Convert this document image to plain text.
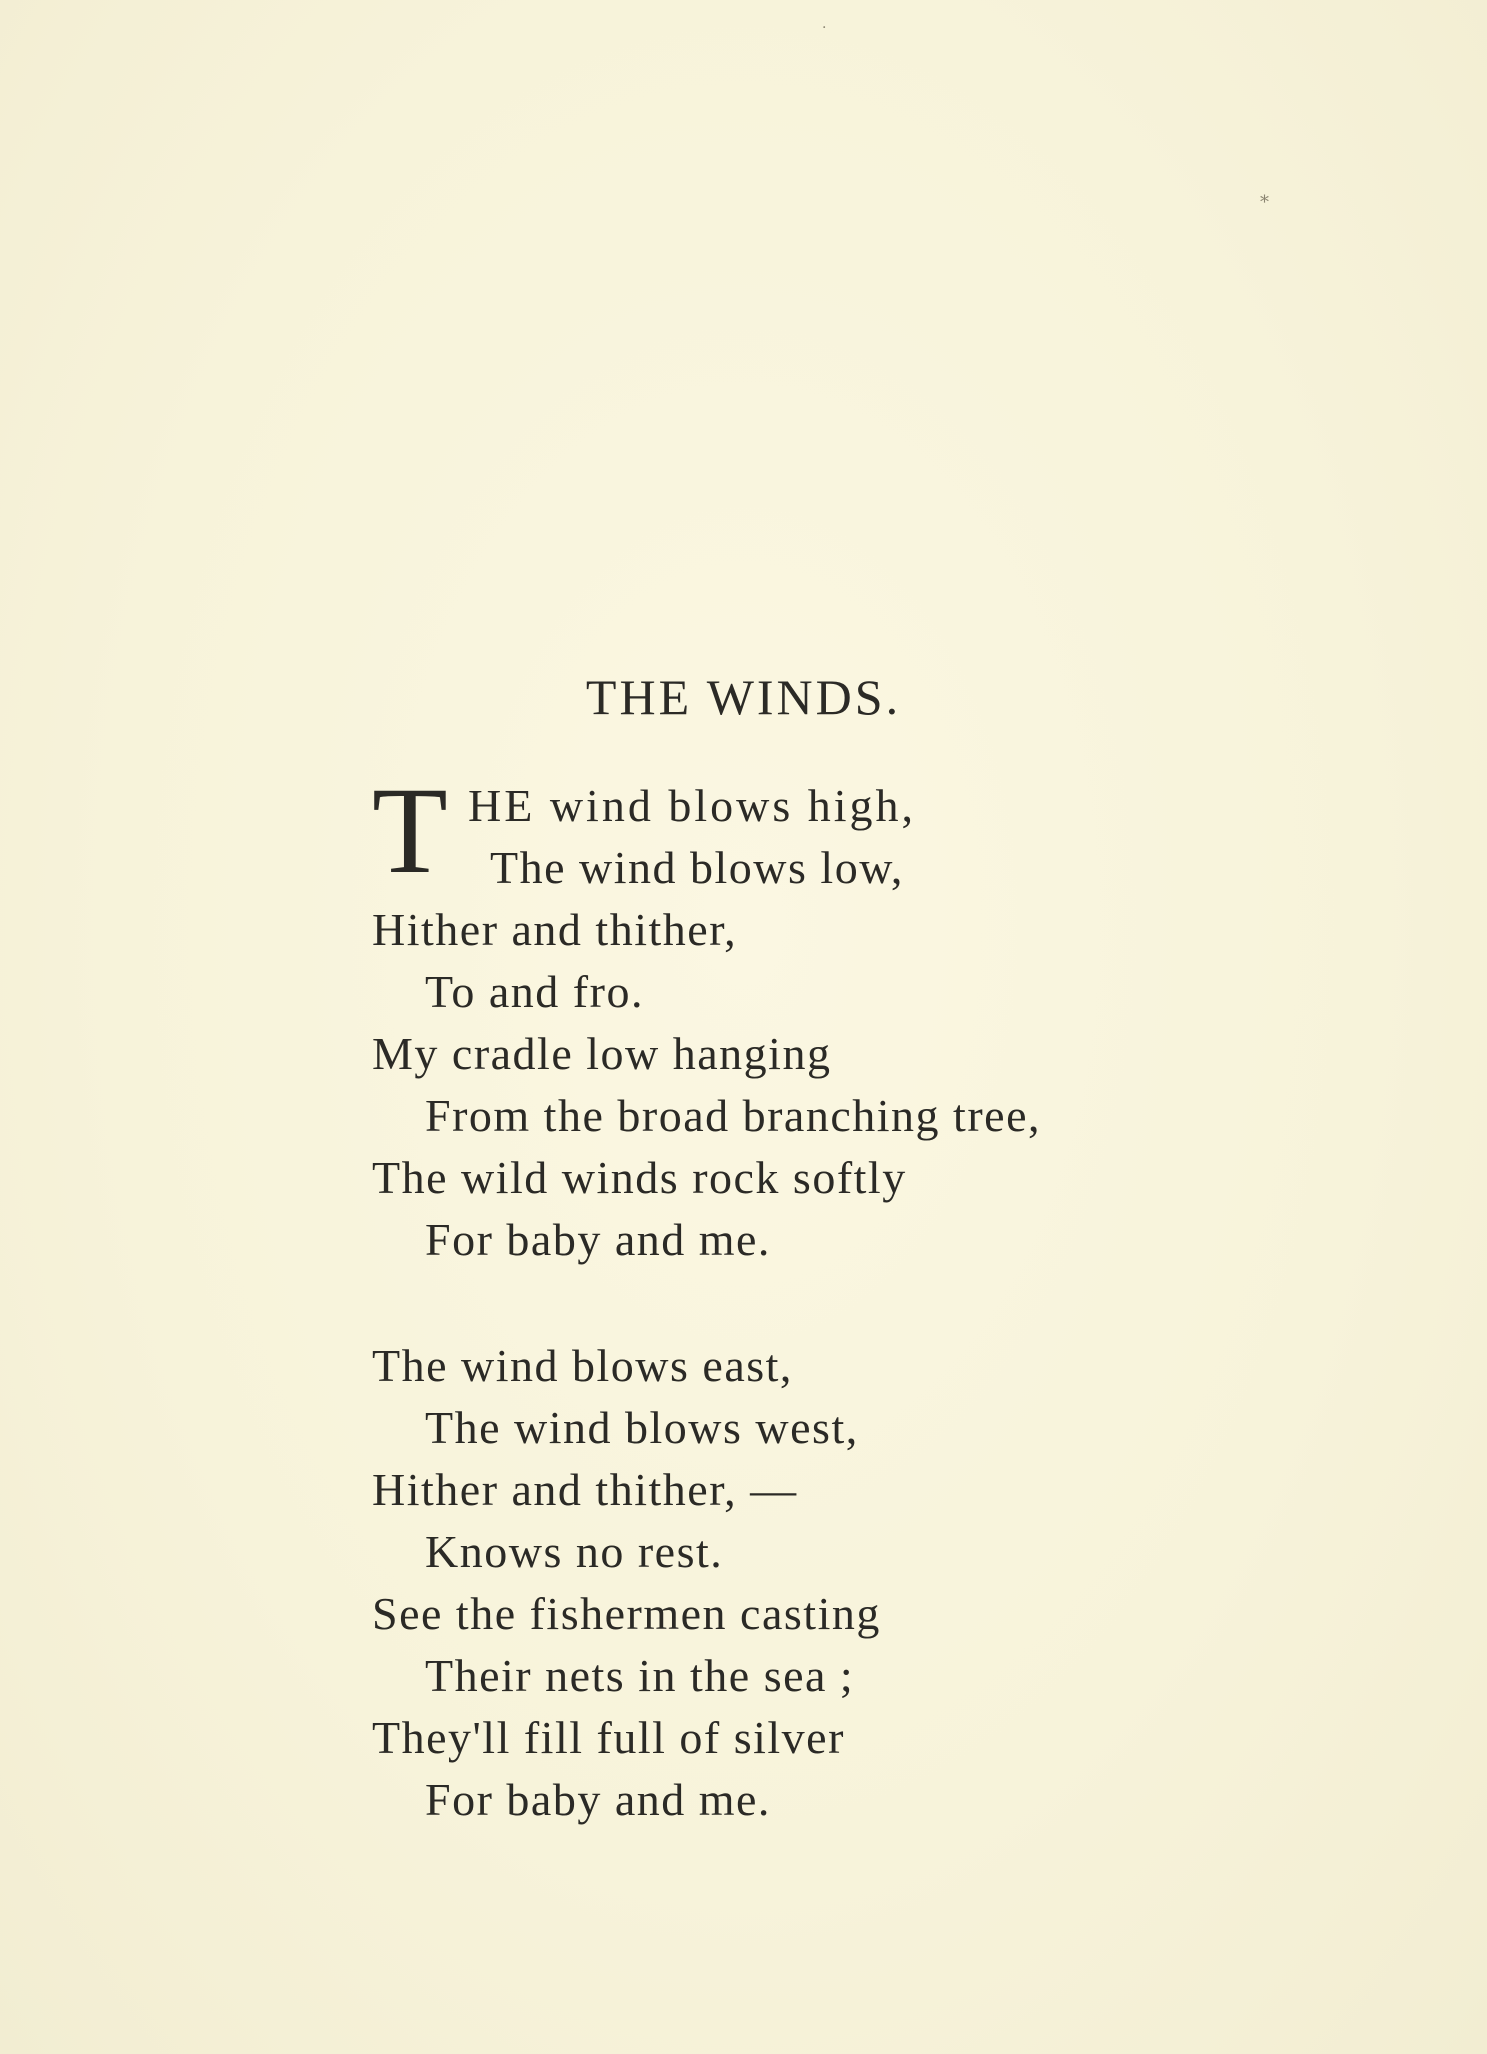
·
*
THE WINDS.
T HE wind blows high,
The wind blows low,
Hither and thither,
To and fro.
My cradle low hanging
From the broad branching tree,
The wild winds rock softly
For baby and me.
The wind blows east,
The wind blows west,
Hither and thither, —
Knows no rest.
See the fishermen casting
Their nets in the sea ;
They'll fill full of silver
For baby and me.
